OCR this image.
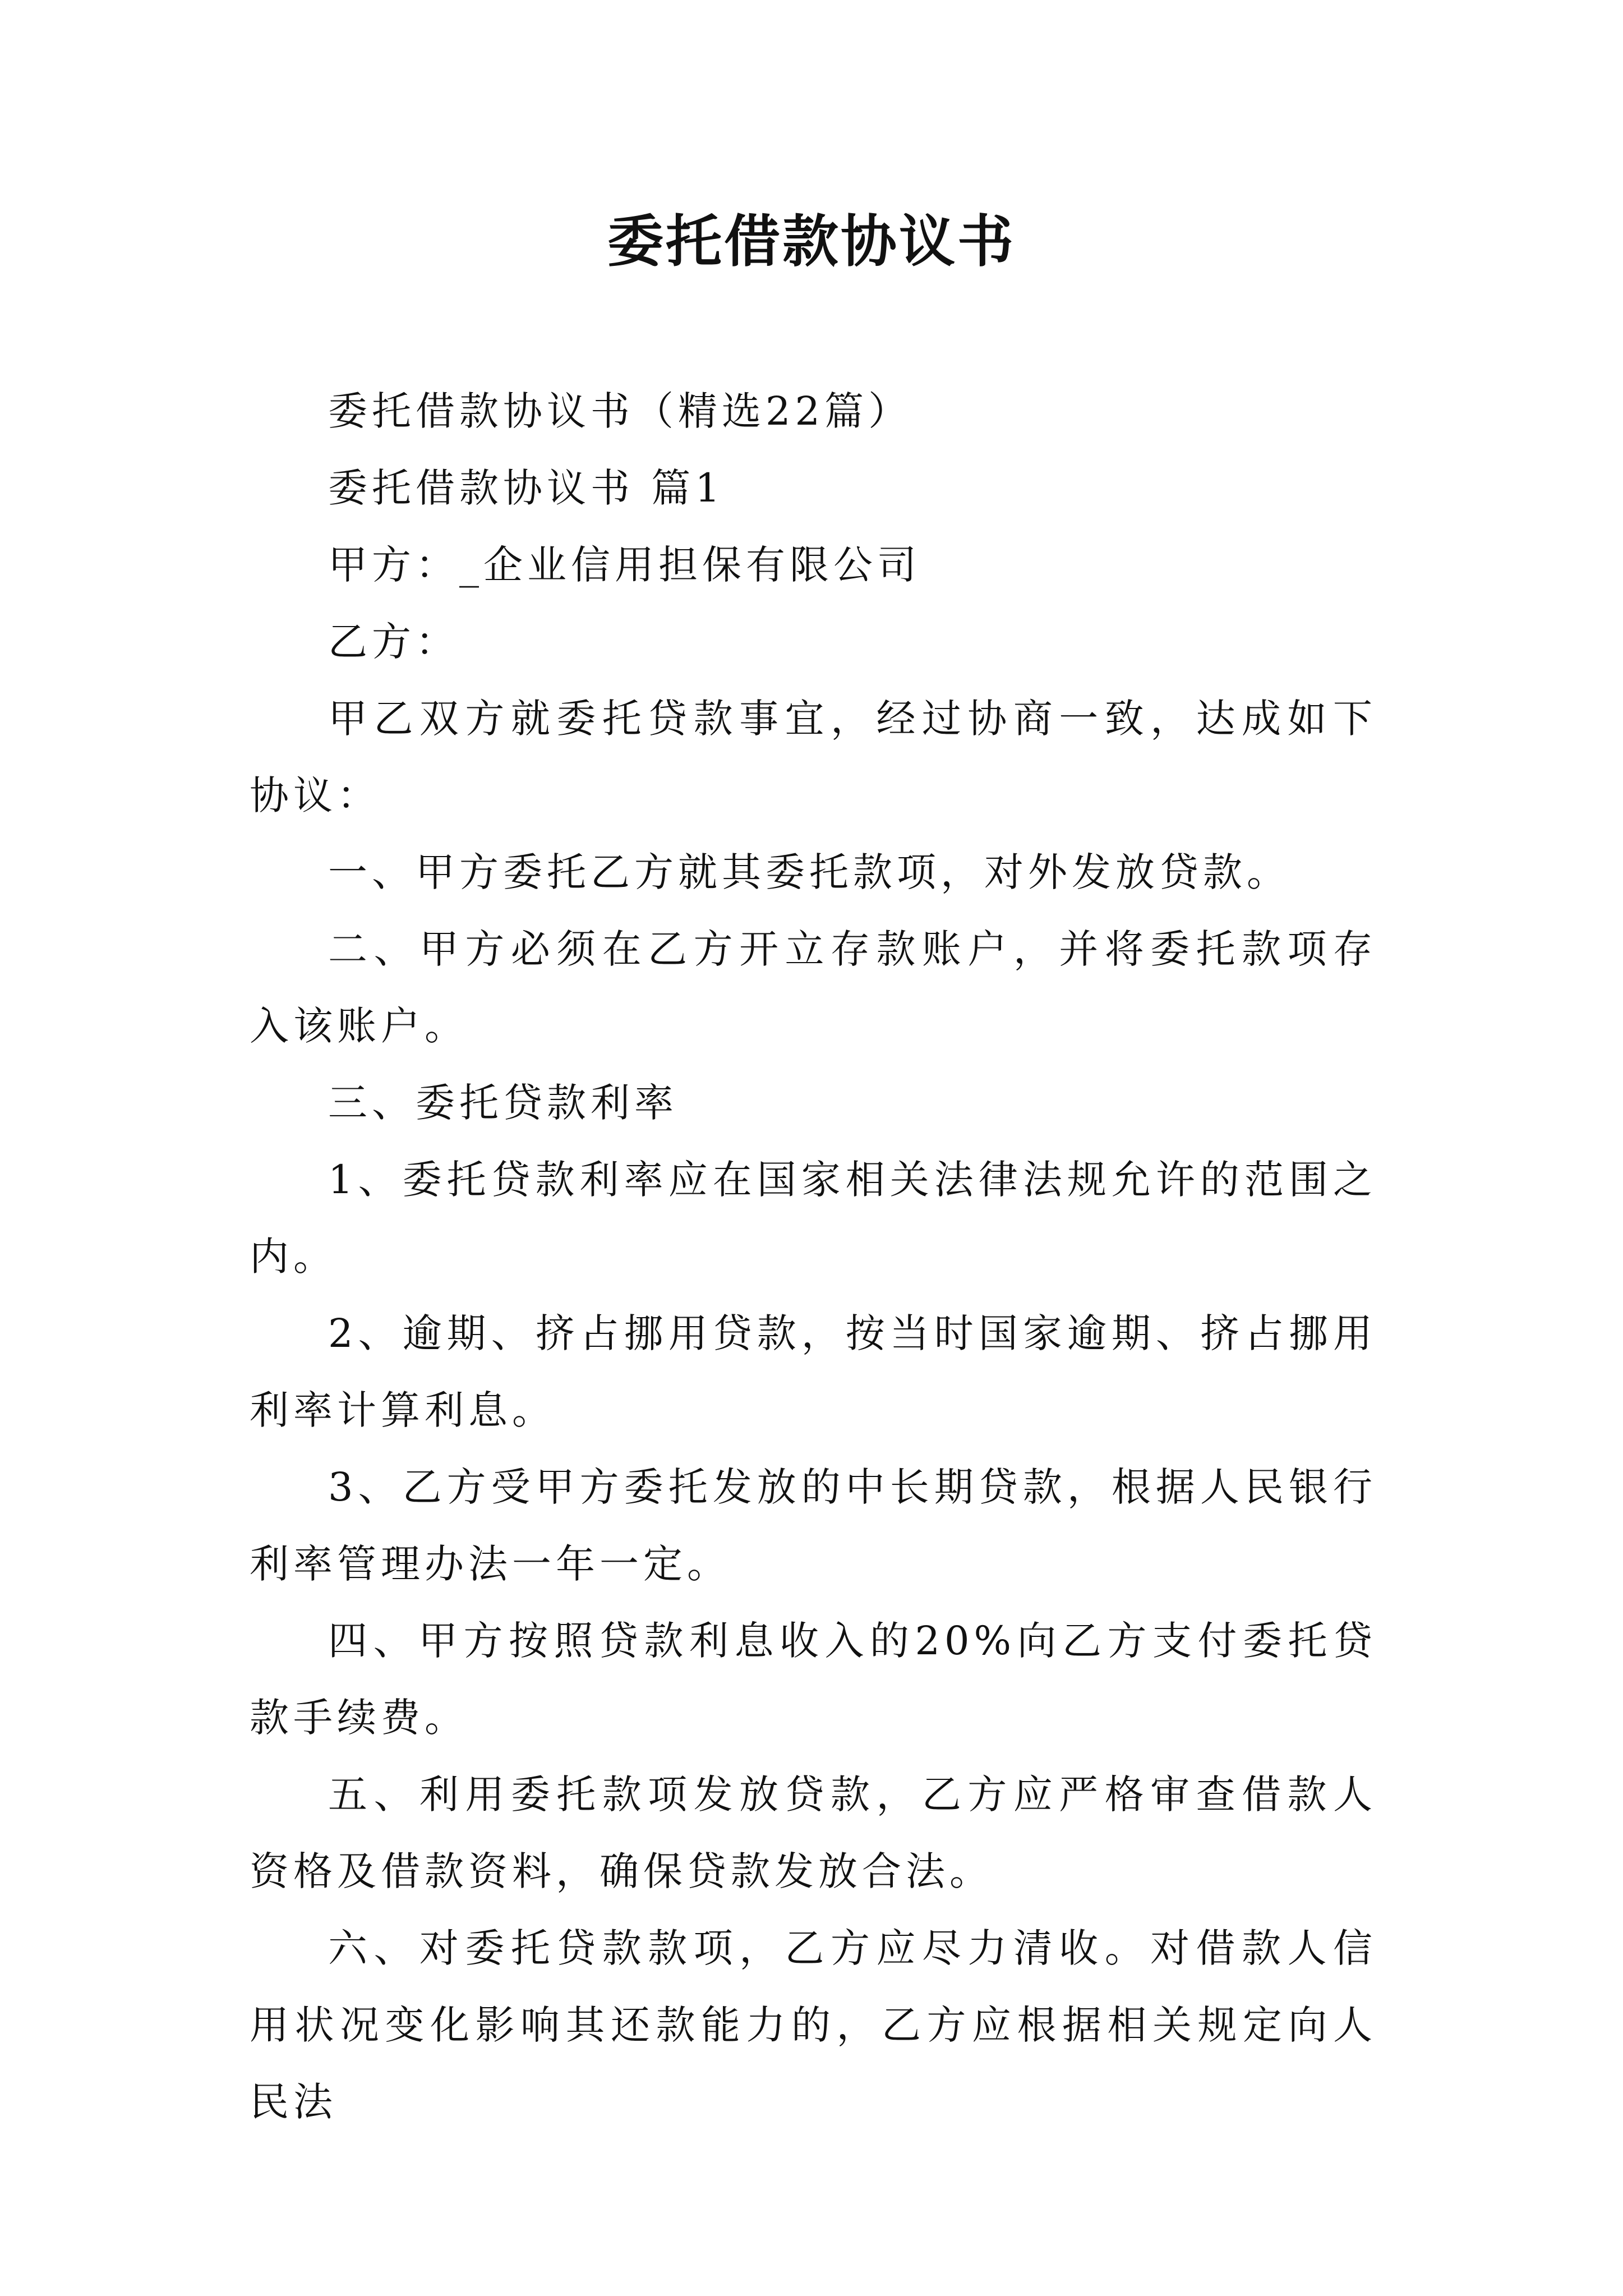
委托借款协议书

委托借款协议书（精选22篇）

委托借款协议书 篇1

甲方：_企业信用担保有限公司

乙方：

甲乙双方就委托贷款事宜，经过协商一致，达成如下协议：

一、甲方委托乙方就其委托款项，对外发放贷款。

二、甲方必须在乙方开立存款账户，并将委托款项存入该账户。

三、委托贷款利率

1、委托贷款利率应在国家相关法律法规允许的范围之内。

2、逾期、挤占挪用贷款，按当时国家逾期、挤占挪用利率计算利息。

3、乙方受甲方委托发放的中长期贷款，根据人民银行利率管理办法一年一定。

四、甲方按照贷款利息收入的20%向乙方支付委托贷款手续费。

五、利用委托款项发放贷款，乙方应严格审查借款人资格及借款资料，确保贷款发放合法。

六、对委托贷款款项，乙方应尽力清收。对借款人信用状况变化影响其还款能力的，乙方应根据相关规定向人民法
